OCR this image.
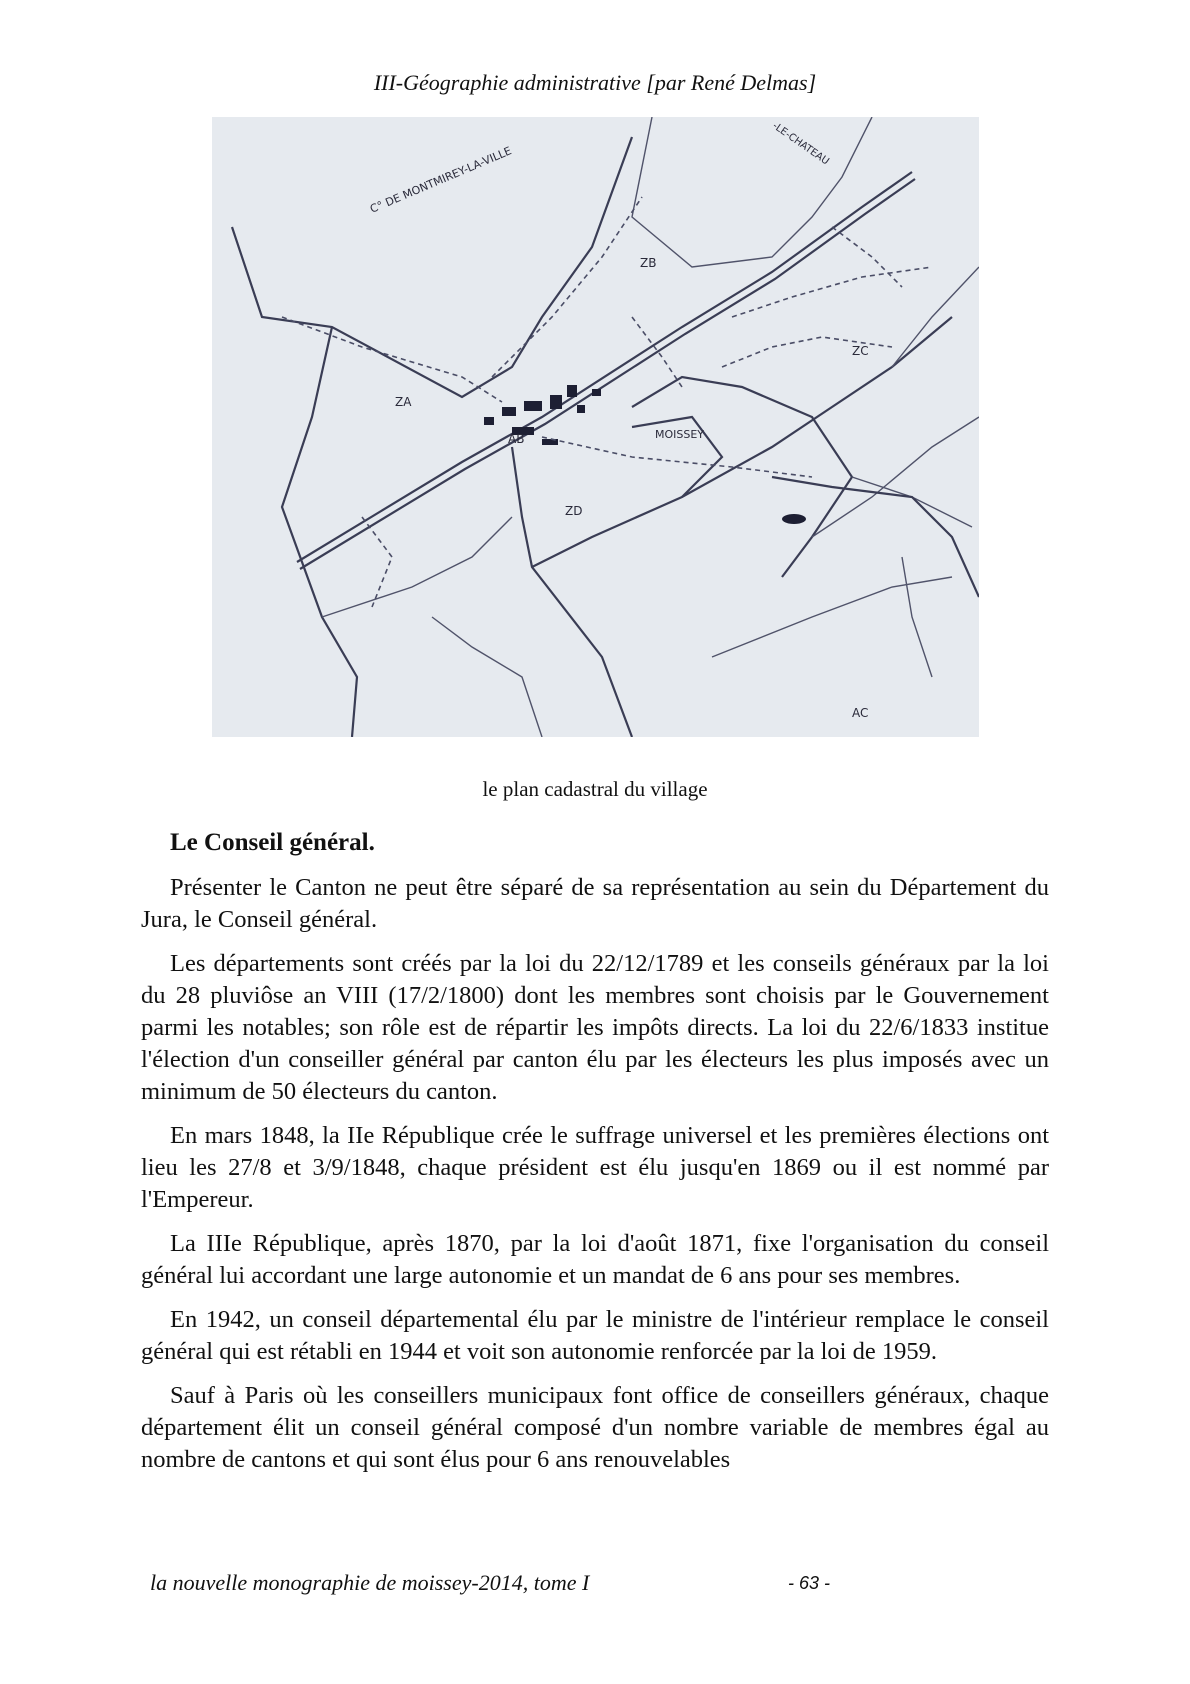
III-Géographie administrative [par René Delmas]
C° DE MONTMIREY-LA-VILLE
-LE-CHATEAU
ZB
ZC
ZA
AB
ZD
MOISSEY
AC
le plan cadastral du village
Le Conseil général.

Présenter le Canton ne peut être séparé de sa représentation au sein du Département du Jura, le Conseil général.

Les départements sont créés par la loi du 22/12/1789 et les conseils généraux par la loi du 28 pluviôse an VIII (17/2/1800) dont les membres sont choisis par le Gouvernement parmi les notables; son rôle est de répartir les impôts directs. La loi du 22/6/1833 institue l'élection d'un conseiller général par canton élu par les électeurs les plus imposés avec un minimum de 50 électeurs du canton.

En mars 1848, la IIe République crée le suffrage universel et les premières élections ont lieu les 27/8 et 3/9/1848, chaque président est élu jusqu'en 1869 ou il est nommé par l'Empereur.

La IIIe République, après 1870, par la loi d'août 1871, fixe l'organisation du conseil général lui accordant une large autonomie et un mandat de 6 ans pour ses membres.

En 1942, un conseil départemental élu par le ministre de l'intérieur remplace le conseil général qui est rétabli en 1944 et voit son autonomie renforcée par la loi de 1959.

Sauf à Paris où les conseillers municipaux font office de conseillers généraux, chaque département élit un conseil général composé d'un nombre variable de membres égal au nombre de cantons et qui sont élus pour 6 ans renouvelables

la nouvelle monographie de moissey-2014, tome I	- 63 -
